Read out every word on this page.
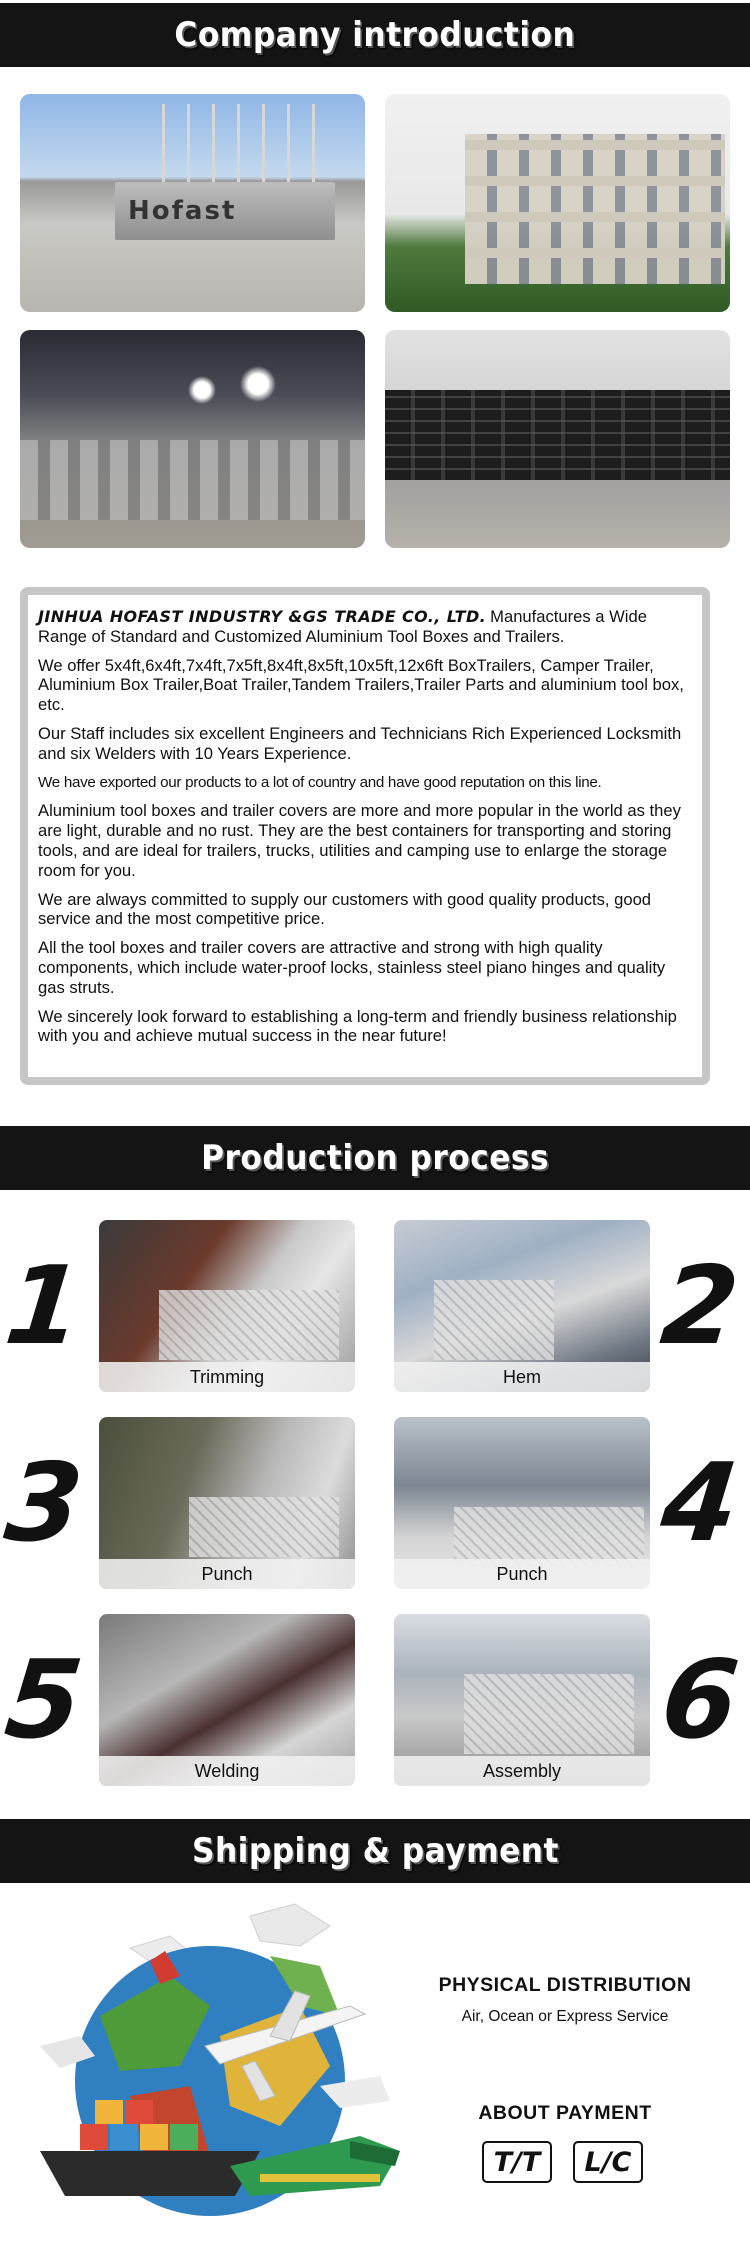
Company introduction
Hofast

JINHUA HOFAST INDUSTRY &GS TRADE CO., LTD. Manufactures a Wide Range of Standard and Customized Aluminium Tool Boxes and Trailers.

We offer 5x4ft,6x4ft,7x4ft,7x5ft,8x4ft,8x5ft,10x5ft,12x6ft BoxTrailers, Camper Trailer, Aluminium Box Trailer,Boat Trailer,Tandem Trailers,Trailer Parts and aluminium tool box, etc.

Our Staff includes six excellent Engineers and Technicians Rich Experienced Locksmith and six Welders with 10 Years Experience.

We have exported our products to a lot of country and have good reputation on this line.

Aluminium tool boxes and trailer covers are more and more popular in the world as they are light, durable and no rust. They are the best containers for transporting and storing tools, and are ideal for trailers, trucks, utilities and camping use to enlarge the storage room for you.

We are always committed to supply our customers with good quality products, good service and the most competitive price.

All the tool boxes and trailer covers are attractive and strong with high quality components, which include water-proof locks, stainless steel piano hinges and quality gas struts.

We sincerely look forward to establishing a long-term and friendly business relationship with you and achieve mutual success in the near future!

Production process
1
Trimming	Hem
2
3
Punch	Punch
4
5
Welding	Assembly
6
Shipping & payment
PHYSICAL DISTRIBUTION
Air, Ocean or Express Service
ABOUT PAYMENT
T/T	L/C
